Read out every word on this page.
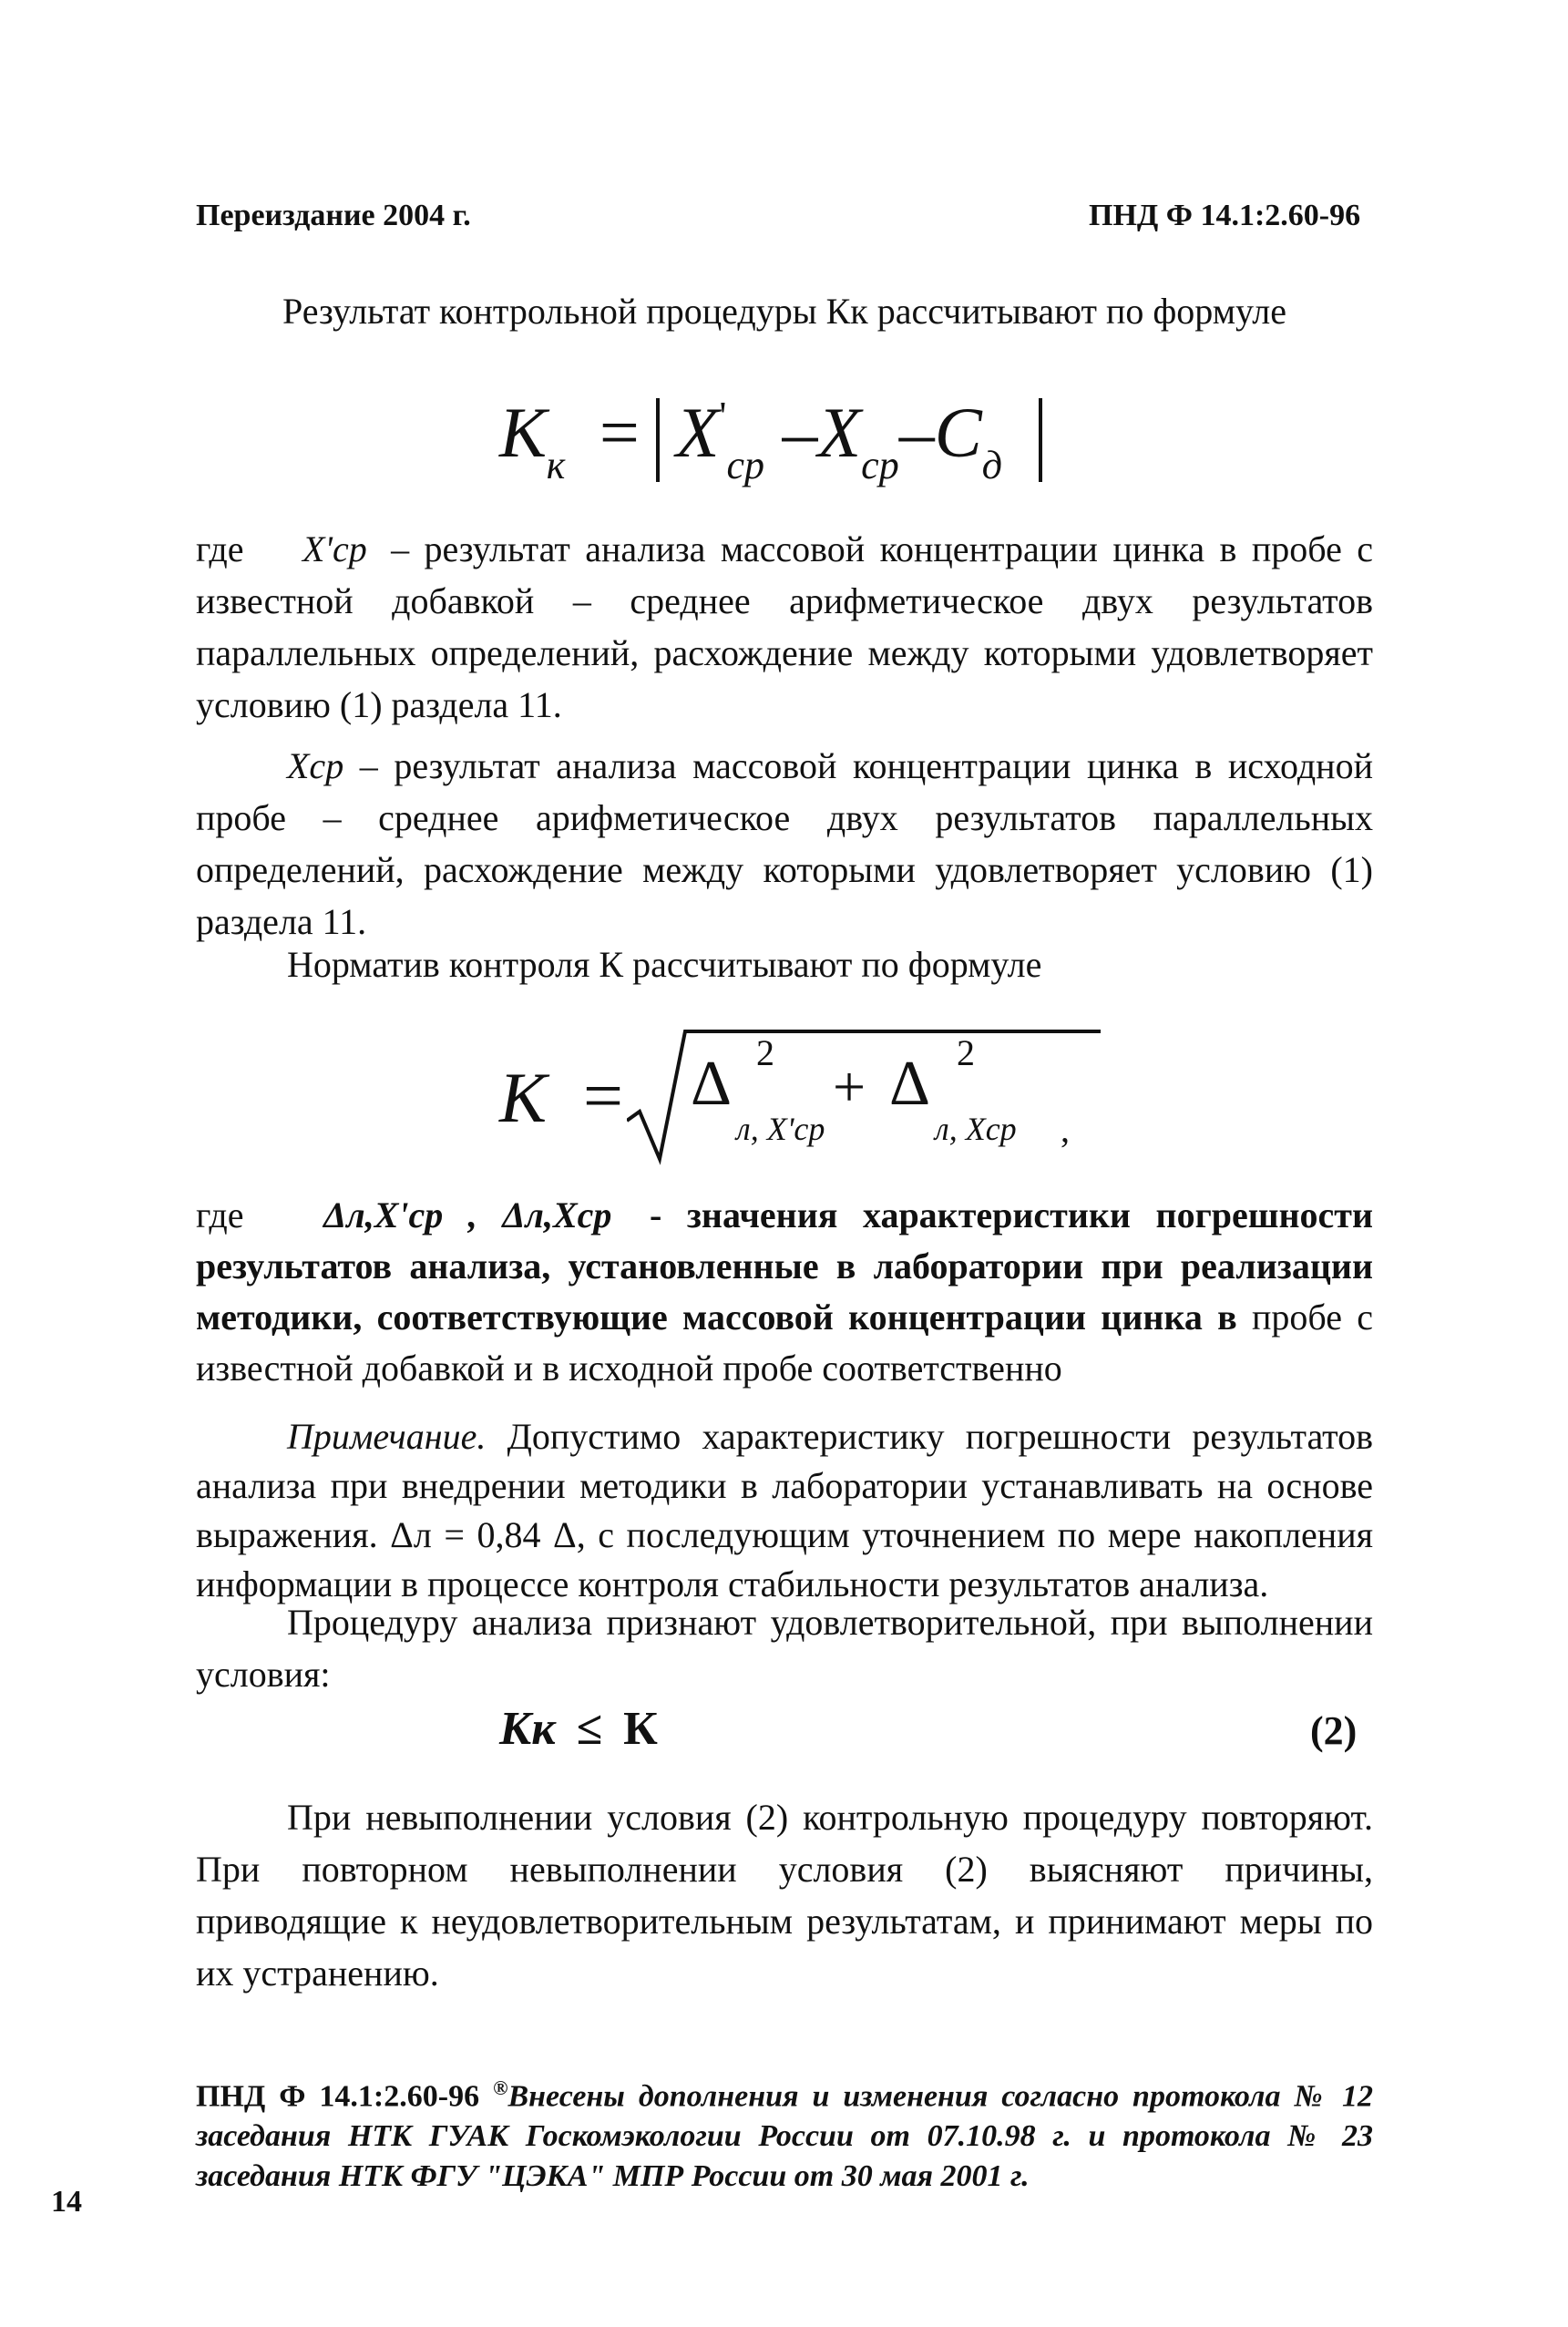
Переиздание 2004 г.	ПНД Ф 14.1:2.60-96
Результат контрольной процедуры Кк рассчитывают по формуле
$К_к = X'_{ср}$ $-X_{ср}-C_д$
где X'ср – результат анализа массовой концентрации цинка в пробе с известной добавкой – среднее арифметическое двух результатов параллельных определений, расхождение между которыми удовлетворяет условию (1) раздела 11.
Xср – результат анализа массовой концентрации цинка в исходной пробе – среднее арифметическое двух результатов параллельных определений, расхождение между которыми удовлетворяет условию (1) раздела 11.
Норматив контроля К рассчитывают по формуле
К = Δ 2
л, X'ср
+ Δ 2
л, Xср ,
где Δл,X'ср , Δл,Xср - значения характеристики погрешности результатов анализа, установленные в лаборатории при реализации методики, соответствующие массовой концентрации цинка в пробе с известной добавкой и в исходной пробе соответственно
Примечание. Допустимо характеристику погрешности результатов анализа при внедрении методики в лаборатории устанавливать на основе выражения. Δл = 0,84 Δ, с последующим уточнением по мере накопления информации в процессе контроля стабильности результатов анализа.
Процедуру анализа признают удовлетворительной, при выполнении условия:
Кк ≤ К	(2)
При невыполнении условия (2) контрольную процедуру повторяют. При повторном невыполнении условия (2) выясняют причины, приводящие к неудовлетворительным результатам, и принимают меры по их устранению.
ПНД Ф 14.1:2.60-96 ®Внесены дополнения и изменения согласно протокола № 12 заседания НТК ГУАК Госкомэкологии России от 07.10.98 г. и протокола № 23 заседания НТК ФГУ "ЦЭКА" МПР России от 30 мая 2001 г.
14
